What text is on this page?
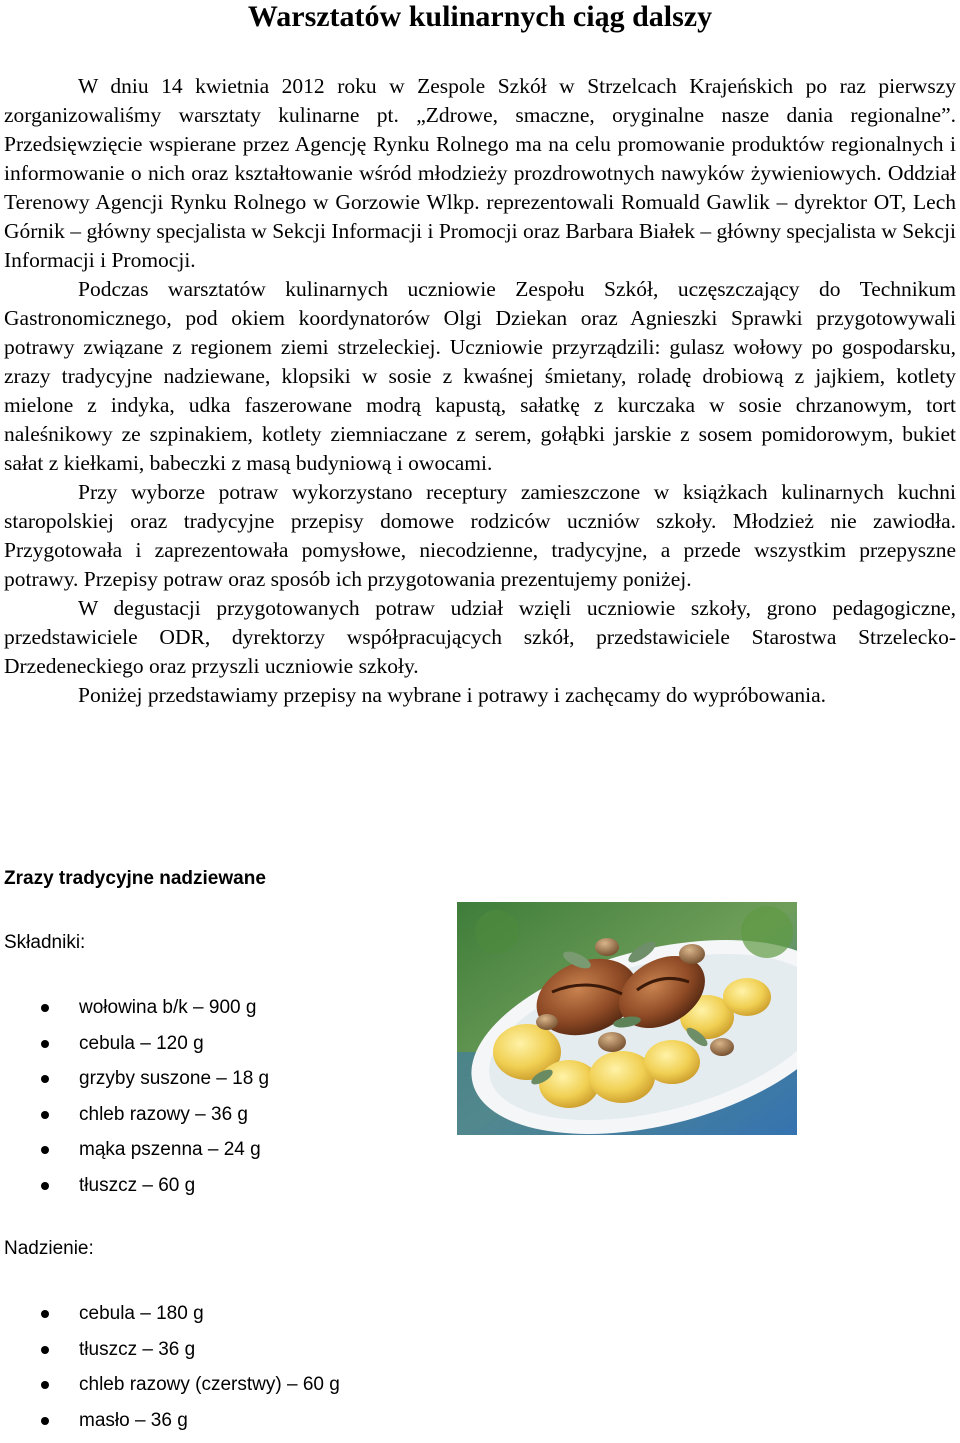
Warsztatów kulinarnych ciąg dalszy

W dniu 14 kwietnia 2012 roku w Zespole Szkół w Strzelcach Krajeńskich po raz pierwszy zorganizowaliśmy warsztaty kulinarne pt. „Zdrowe, smaczne, oryginalne nasze dania regionalne”. Przedsięwzięcie wspierane przez Agencję Rynku Rolnego ma na celu promowanie produktów regionalnych i informowanie o nich oraz kształtowanie wśród młodzieży prozdrowotnych nawyków żywieniowych. Oddział Terenowy Agencji Rynku Rolnego w Gorzowie Wlkp. reprezentowali Romuald Gawlik – dyrektor OT, Lech Górnik – główny specjalista w Sekcji Informacji i Promocji oraz Barbara Białek – główny specjalista w Sekcji Informacji i Promocji.

Podczas warsztatów kulinarnych uczniowie Zespołu Szkół, uczęszczający do Technikum Gastronomicznego, pod okiem koordynatorów Olgi Dziekan oraz Agnieszki Sprawki przygotowywali potrawy związane z regionem ziemi strzeleckiej. Uczniowie przyrządzili: gulasz wołowy po gospodarsku, zrazy tradycyjne nadziewane, klopsiki w sosie z kwaśnej śmietany, roladę drobiową z jajkiem, kotlety mielone z indyka, udka faszerowane modrą kapustą, sałatkę z kurczaka w sosie chrzanowym, tort naleśnikowy ze szpinakiem, kotlety ziemniaczane z serem, gołąbki jarskie z sosem pomidorowym, bukiet sałat z kiełkami, babeczki z masą budyniową i owocami.

Przy wyborze potraw wykorzystano receptury zamieszczone w książkach kulinarnych kuchni staropolskiej oraz tradycyjne przepisy domowe rodziców uczniów szkoły. Młodzież nie zawiodła. Przygotowała i zaprezentowała pomysłowe, niecodzienne, tradycyjne, a przede wszystkim przepyszne potrawy. Przepisy potraw oraz sposób ich przygotowania prezentujemy poniżej.

W degustacji przygotowanych potraw udział wzięli uczniowie szkoły, grono pedagogiczne, przedstawiciele ODR, dyrektorzy współpracujących szkół, przedstawiciele Starostwa Strzelecko-Drzedeneckiego oraz przyszli uczniowie szkoły.

Poniżej przedstawiamy przepisy na wybrane i potrawy i zachęcamy do wypróbowania.

Zrazy tradycyjne nadziewane
Składniki:
wołowina b/k – 900 g
cebula – 120 g
grzyby suszone – 18 g
chleb razowy – 36 g
mąka pszenna – 24 g
tłuszcz – 60 g
Nadzienie:
cebula – 180 g
tłuszcz – 36 g
chleb razowy (czerstwy) – 60 g
masło – 36 g
